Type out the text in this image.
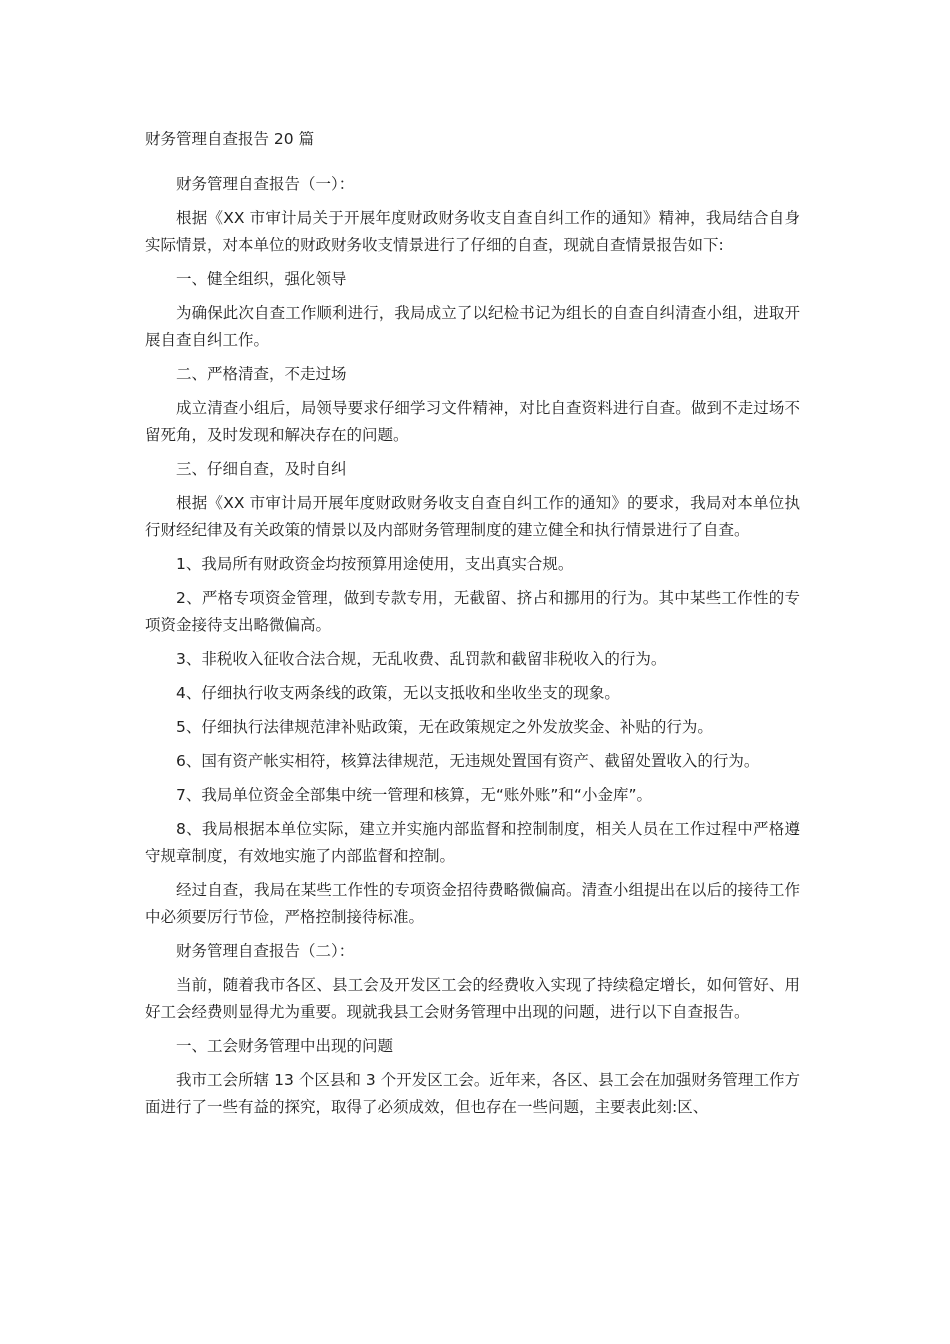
财务管理自查报告 20 篇

财务管理自查报告（一）：

根据《XX 市审计局关于开展年度财政财务收支自查自纠工作的通知》精神，我局结合自身实际情景，对本单位的财政财务收支情景进行了仔细的自查，现就自查情景报告如下:

一、健全组织，强化领导

为确保此次自查工作顺利进行，我局成立了以纪检书记为组长的自查自纠清查小组，进取开展自查自纠工作。

二、严格清查，不走过场

成立清查小组后，局领导要求仔细学习文件精神，对比自查资料进行自查。做到不走过场不留死角，及时发现和解决存在的问题。

三、仔细自查，及时自纠

根据《XX 市审计局开展年度财政财务收支自查自纠工作的通知》的要求，我局对本单位执行财经纪律及有关政策的情景以及内部财务管理制度的建立健全和执行情景进行了自查。

1、我局所有财政资金均按预算用途使用，支出真实合规。

2、严格专项资金管理，做到专款专用，无截留、挤占和挪用的行为。其中某些工作性的专项资金接待支出略微偏高。

3、非税收入征收合法合规，无乱收费、乱罚款和截留非税收入的行为。

4、仔细执行收支两条线的政策，无以支抵收和坐收坐支的现象。

5、仔细执行法律规范津补贴政策，无在政策规定之外发放奖金、补贴的行为。

6、国有资产帐实相符，核算法律规范，无违规处置国有资产、截留处置收入的行为。

7、我局单位资金全部集中统一管理和核算，无“账外账”和“小金库”。

8、我局根据本单位实际，建立并实施内部监督和控制制度，相关人员在工作过程中严格遵守规章制度，有效地实施了内部监督和控制。

经过自查，我局在某些工作性的专项资金招待费略微偏高。清查小组提出在以后的接待工作中必须要厉行节俭，严格控制接待标准。

财务管理自查报告（二）：

当前，随着我市各区、县工会及开发区工会的经费收入实现了持续稳定增长，如何管好、用好工会经费则显得尤为重要。现就我县工会财务管理中出现的问题，进行以下自查报告。

一、工会财务管理中出现的问题

我市工会所辖 13 个区县和 3 个开发区工会。近年来，各区、县工会在加强财务管理工作方面进行了一些有益的探究，取得了必须成效，但也存在一些问题，主要表此刻:区、
